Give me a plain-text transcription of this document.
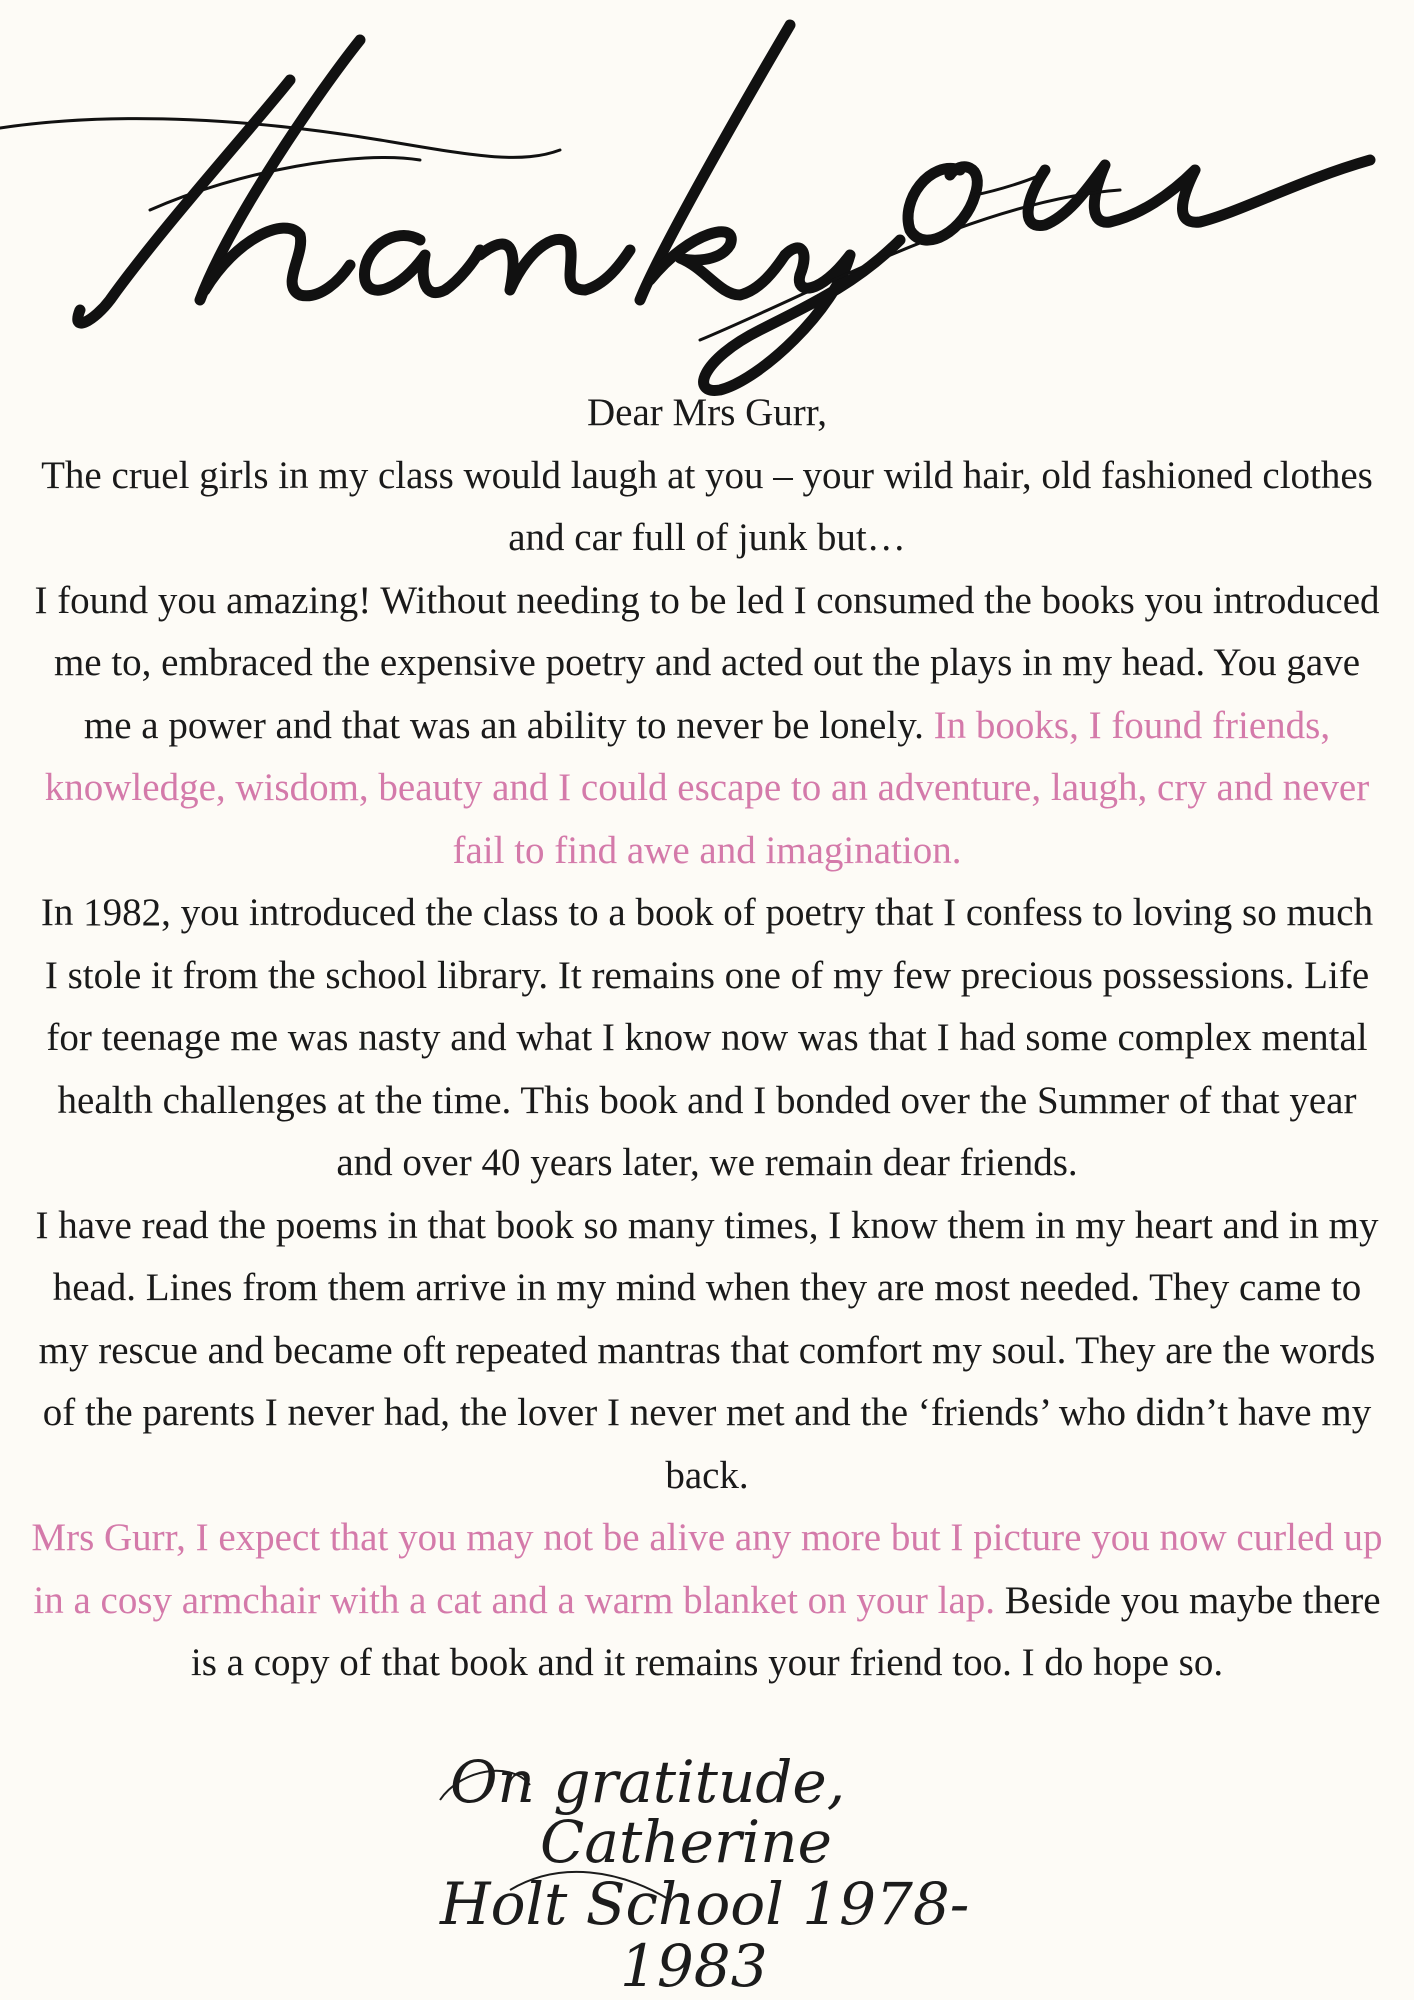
Dear Mrs Gurr,

The cruel girls in my class would laugh at you – your wild hair, old fashioned clothes and car full of junk but…

I found you amazing! Without needing to be led I consumed the books you introduced me to, embraced the expensive poetry and acted out the plays in my head. You gave me a power and that was an ability to never be lonely. In books, I found friends, knowledge, wisdom, beauty and I could escape to an adventure, laugh, cry and never fail to find awe and imagination.

In 1982, you introduced the class to a book of poetry that I confess to loving so much I stole it from the school library. It remains one of my few precious possessions. Life for teenage me was nasty and what I know now was that I had some complex mental health challenges at the time. This book and I bonded over the Summer of that year and over 40 years later, we remain dear friends.

I have read the poems in that book so many times, I know them in my heart and in my head. Lines from them arrive in my mind when they are most needed. They came to my rescue and became oft repeated mantras that comfort my soul. They are the words of the parents I never had, the lover I never met and the ‘friends’ who didn’t have my back.

Mrs Gurr, I expect that you may not be alive any more but I picture you now curled up in a cosy armchair with a cat and a warm blanket on your lap. Beside you maybe there is a copy of that book and it remains your friend too. I do hope so.

On gratitude,
Catherine
Holt School 1978-
1983
